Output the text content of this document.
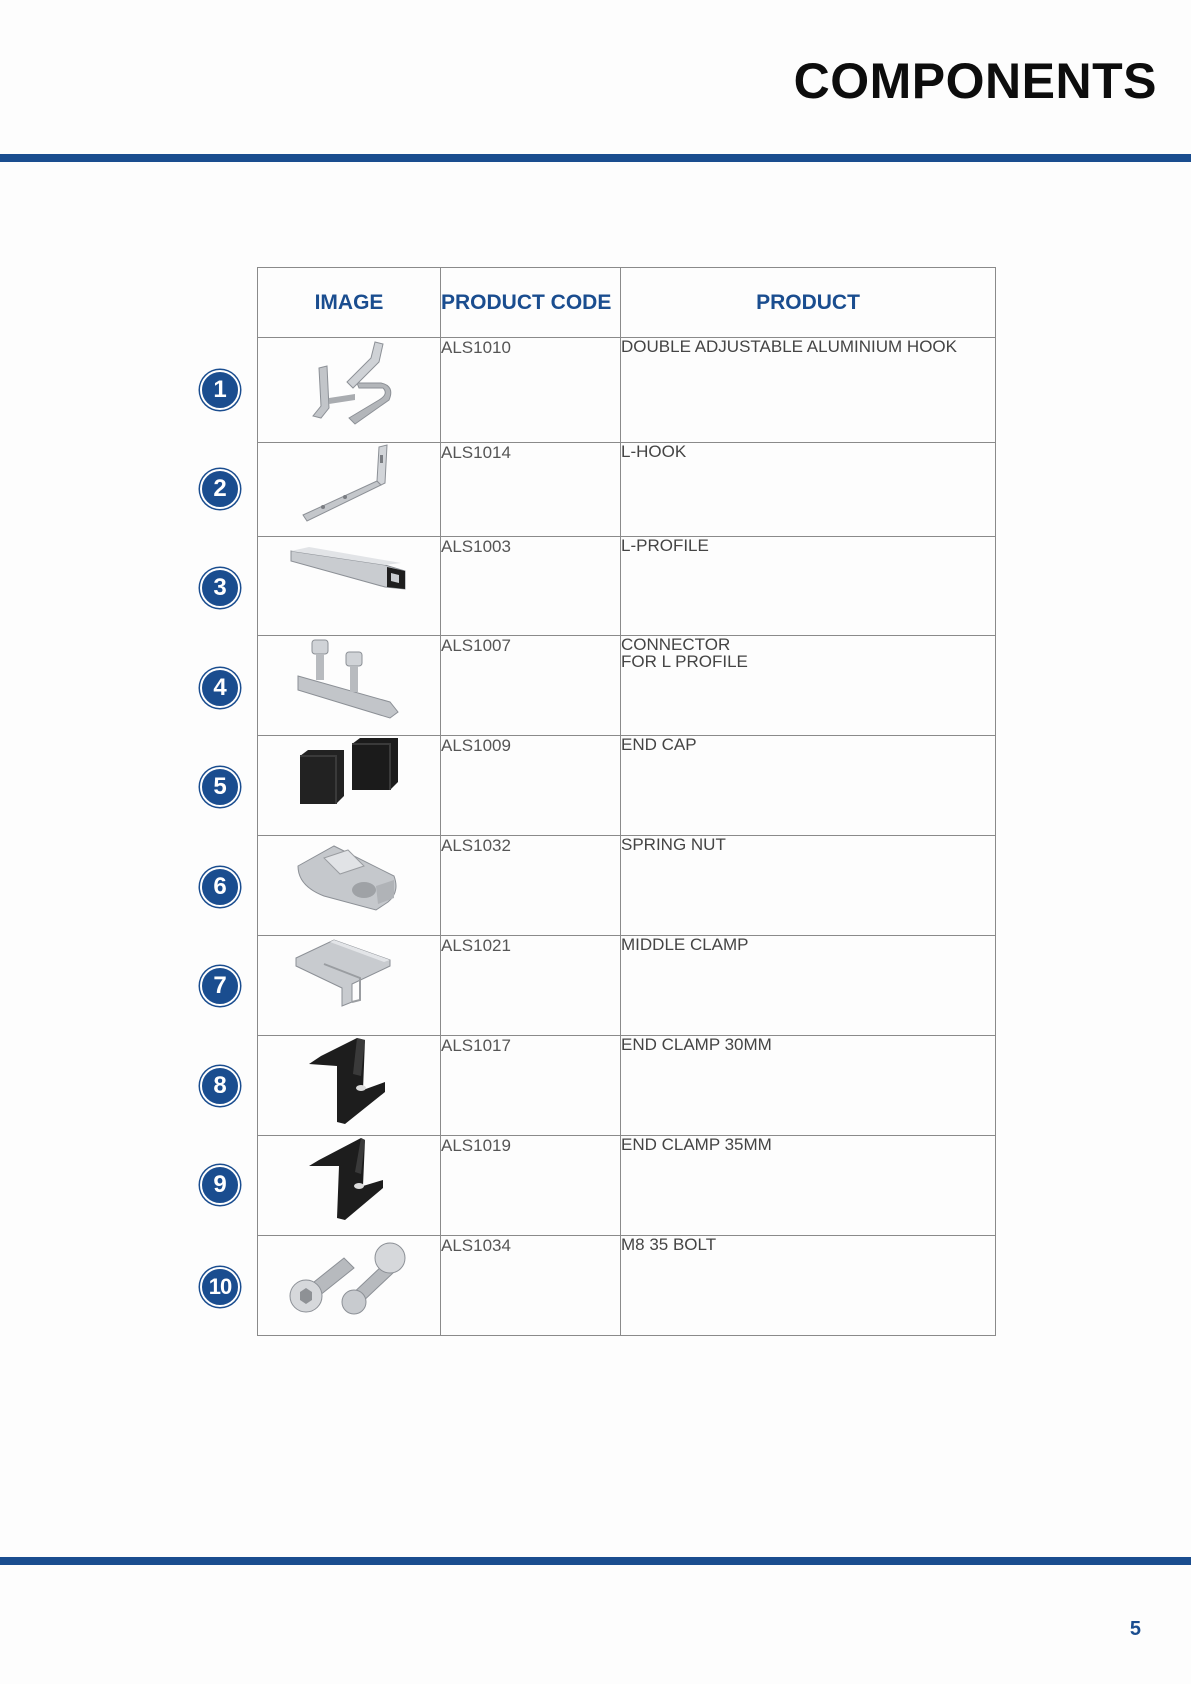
COMPONENTS
IMAGE	PRODUCT CODE	PRODUCT

	ALS1010	DOUBLE ADJUSTABLE ALUMINIUM HOOK

	ALS1014	L-HOOK

	ALS1003	L-PROFILE

	ALS1007	CONNECTOR
FOR L PROFILE

	ALS1009	END CAP

	ALS1032	SPRING NUT

	ALS1021	MIDDLE CLAMP

	ALS1017	END CLAMP 30MM

	ALS1019	END CLAMP 35MM

	ALS1034	M8 35 BOLT
1
2
3
4
5
6
7
8
9
10
5
